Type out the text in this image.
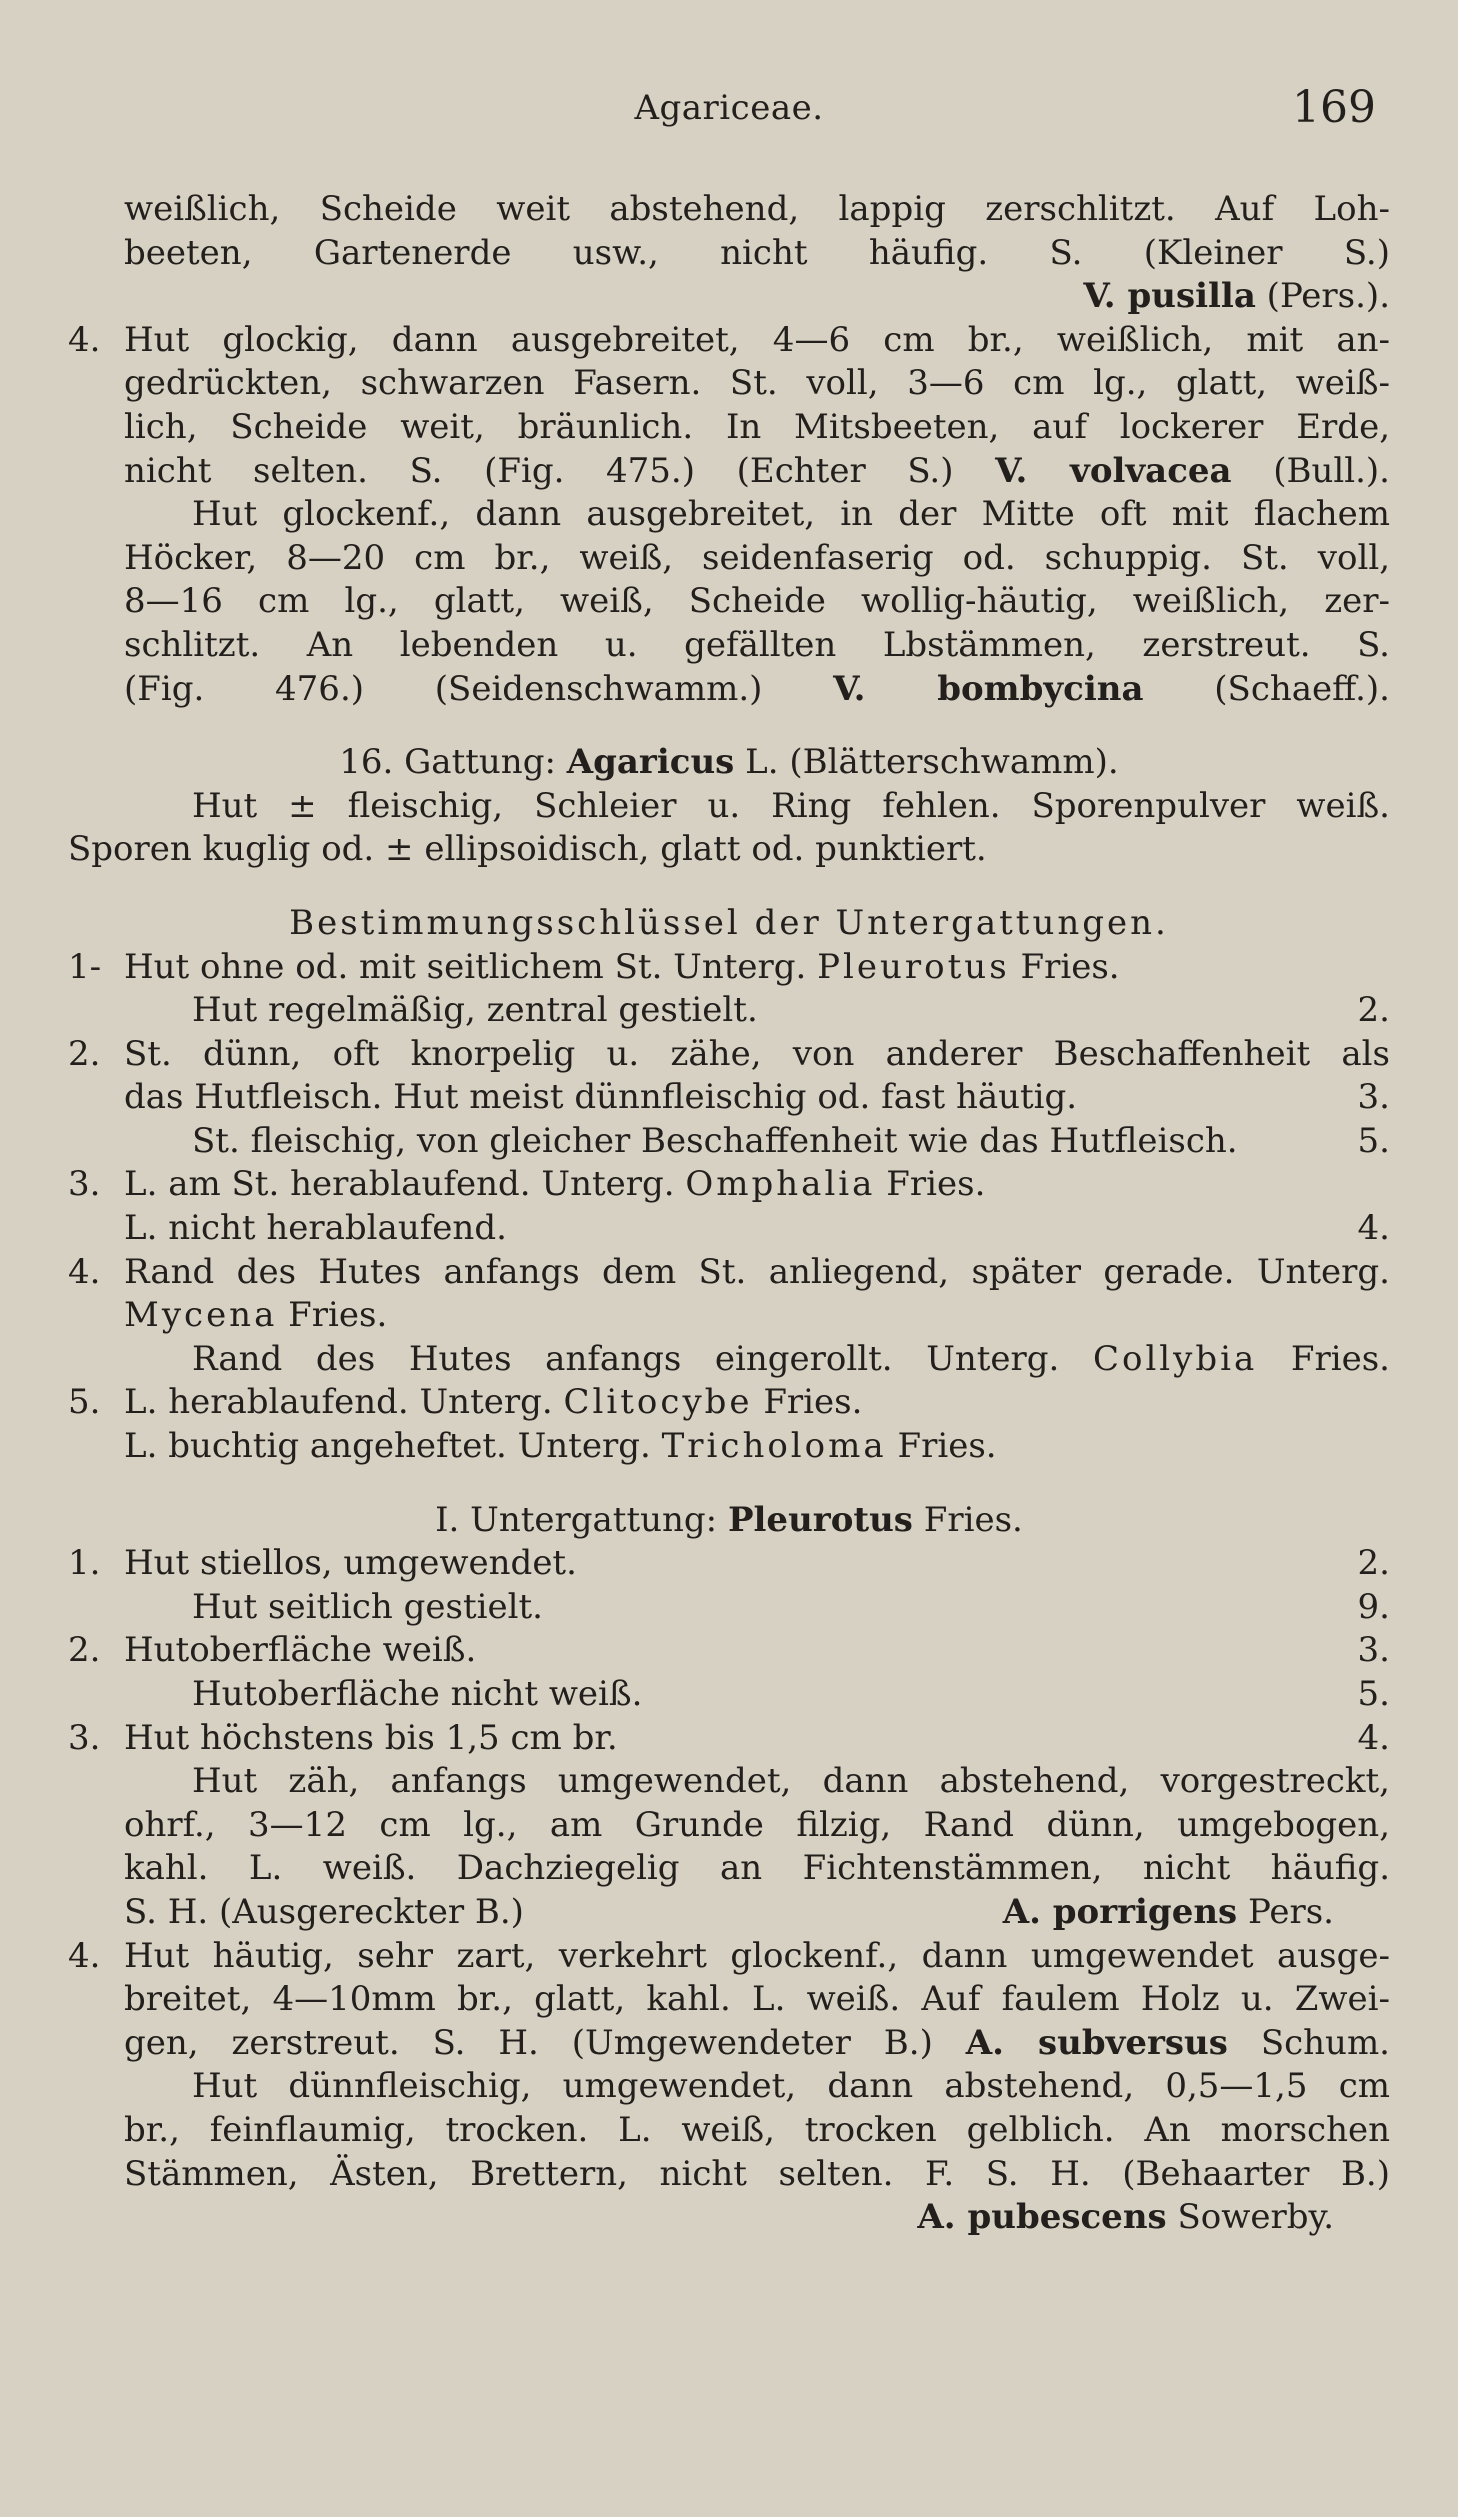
Agariceae.	169
weißlich, Scheide weit abstehend, lappig zerschlitzt. Auf Loh-
beeten, Gartenerde usw., nicht häufig. S. (Kleiner S.)
V. pusilla (Pers.).
4. Hut glockig, dann ausgebreitet, 4—6 cm br., weißlich, mit an-
gedrückten, schwarzen Fasern. St. voll, 3—6 cm lg., glatt, weiß-
lich, Scheide weit, bräunlich. In Mitsbeeten, auf lockerer Erde,
nicht selten. S. (Fig. 475.) (Echter S.) V. volvacea (Bull.).
Hut glockenf., dann ausgebreitet, in der Mitte oft mit flachem
Höcker, 8—20 cm br., weiß, seidenfaserig od. schuppig. St. voll,
8—16 cm lg., glatt, weiß, Scheide wollig-häutig, weißlich, zer-
schlitzt. An lebenden u. gefällten Lbstämmen, zerstreut. S.
(Fig. 476.) (Seidenschwamm.) V. bombycina (Schaeff.).
16. Gattung: Agaricus L. (Blätterschwamm).
Hut ± fleischig, Schleier u. Ring fehlen. Sporenpulver weiß.
Sporen kuglig od. ± ellipsoidisch, glatt od. punktiert.
Bestimmungsschlüssel der Untergattungen.
1- Hut ohne od. mit seitlichem St. Unterg. Pleurotus Fries.
Hut regelmäßig, zentral gestielt.	2.
2. St. dünn, oft knorpelig u. zähe, von anderer Beschaffenheit als
das Hutfleisch. Hut meist dünnfleischig od. fast häutig.	3.
St. fleischig, von gleicher Beschaffenheit wie das Hutfleisch.	5.
3. L. am St. herablaufend. Unterg. Omphalia Fries.
L. nicht herablaufend.	4.
4. Rand des Hutes anfangs dem St. anliegend, später gerade. Unterg.
Mycena Fries.
Rand des Hutes anfangs eingerollt. Unterg. Collybia Fries.
5. L. herablaufend. Unterg. Clitocybe Fries.
L. buchtig angeheftet. Unterg. Tricholoma Fries.
I. Untergattung: Pleurotus Fries.
1. Hut stiellos, umgewendet.	2.
Hut seitlich gestielt.	9.
2. Hutoberfläche weiß.	3.
Hutoberfläche nicht weiß.	5.
3. Hut höchstens bis 1,5 cm br.	4.
Hut zäh, anfangs umgewendet, dann abstehend, vorgestreckt,
ohrf., 3—12 cm lg., am Grunde filzig, Rand dünn, umgebogen,
kahl. L. weiß. Dachziegelig an Fichtenstämmen, nicht häufig.
S. H. (Ausgereckter B.)	A. porrigens Pers.
4. Hut häutig, sehr zart, verkehrt glockenf., dann umgewendet ausge-
breitet, 4—10mm br., glatt, kahl. L. weiß. Auf faulem Holz u. Zwei-
gen, zerstreut. S. H. (Umgewendeter B.) A. subversus Schum.
Hut dünnfleischig, umgewendet, dann abstehend, 0,5—1,5 cm
br., feinflaumig, trocken. L. weiß, trocken gelblich. An morschen
Stämmen, Ästen, Brettern, nicht selten. F. S. H. (Behaarter B.)
A. pubescens Sowerby.
